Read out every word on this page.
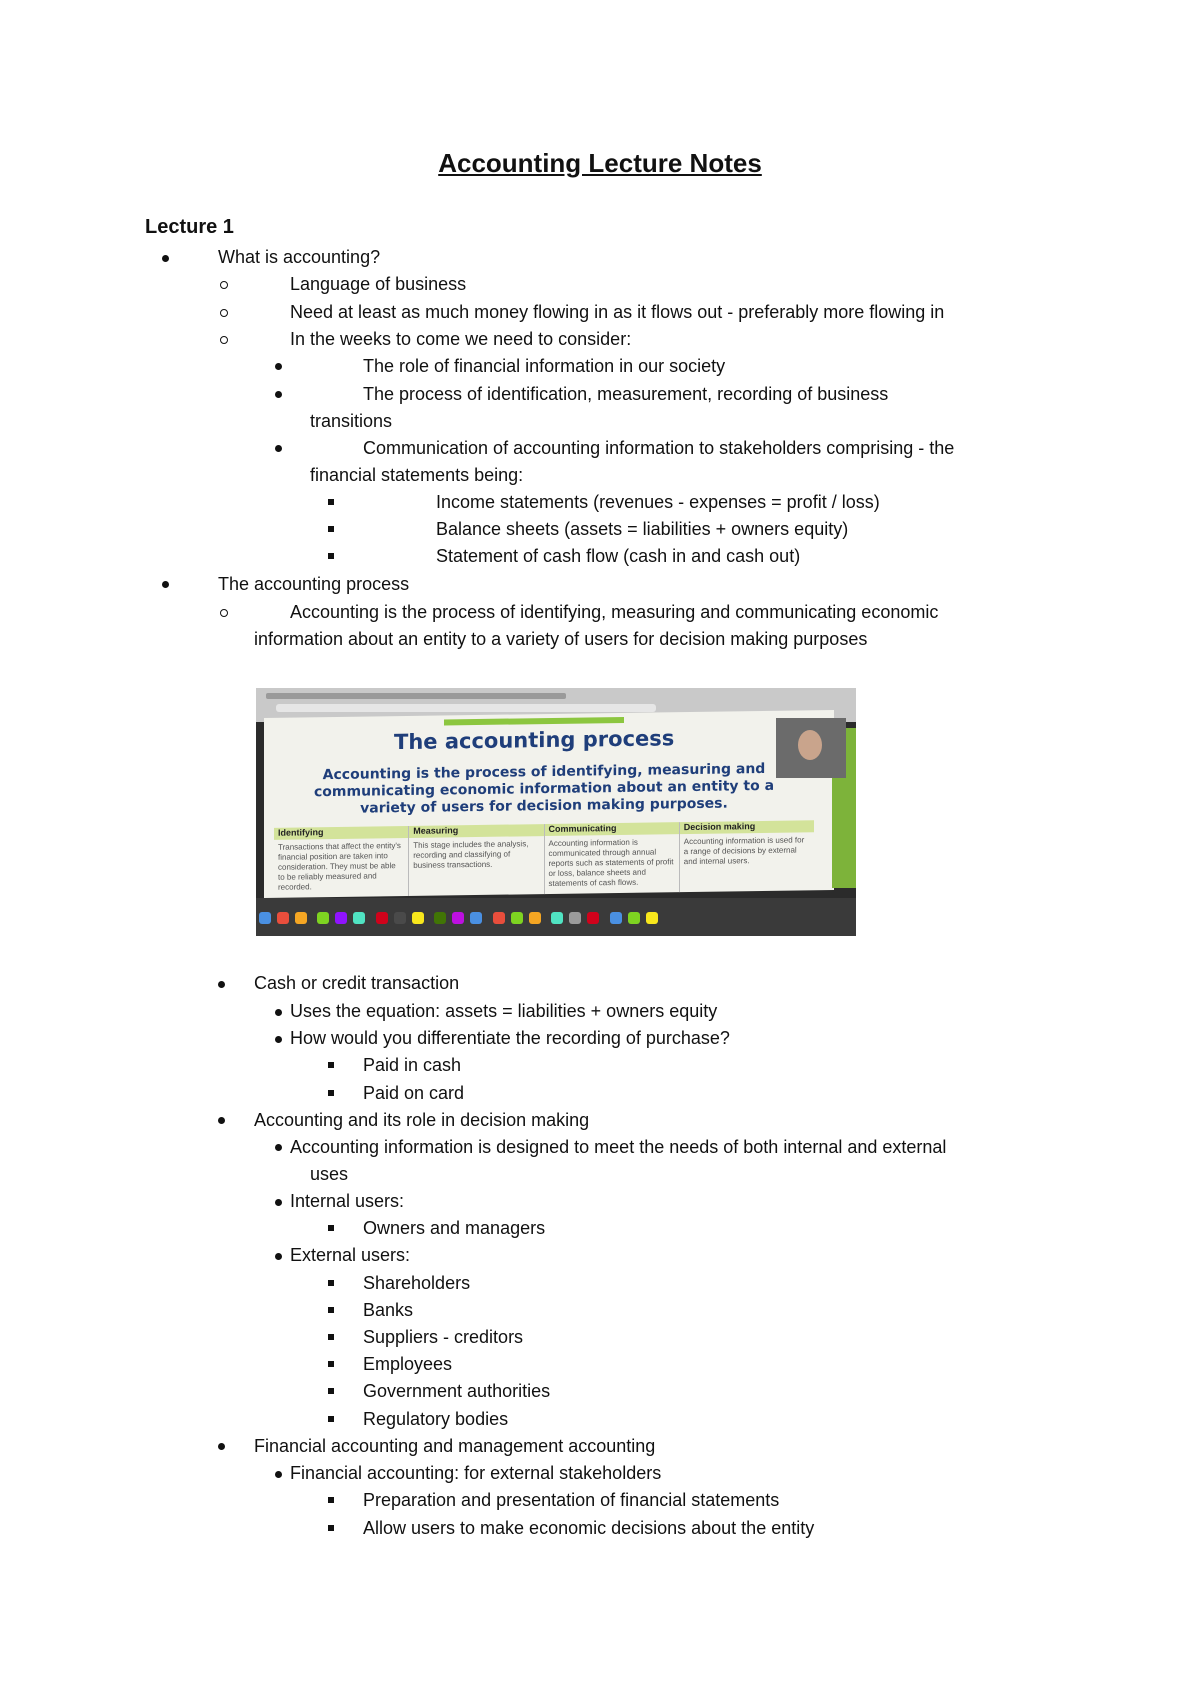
Accounting Lecture Notes
Lecture 1
What is accounting?
Language of business
Need at least as much money flowing in as it flows out - preferably more flowing in
In the weeks to come we need to consider:
The role of financial information in our society
The process of identification, measurement, recording of business
transitions
Communication of accounting information to stakeholders comprising - the
financial statements being:
Income statements (revenues - expenses = profit / loss)
Balance sheets (assets = liabilities + owners equity)
Statement of cash flow (cash in and cash out)
The accounting process
Accounting is the process of identifying, measuring and communicating economic
information about an entity to a variety of users for decision making purposes
The accounting process
Accounting is the process of identifying, measuring and communicating economic information about an entity to a variety of users for decision making purposes.
Identifying
Transactions that affect the entity's financial position are taken into consideration. They must be able to be reliably measured and recorded.
Measuring
This stage includes the analysis, recording and classifying of business transactions.
Communicating
Accounting information is communicated through annual reports such as statements of profit or loss, balance sheets and statements of cash flows.
Decision making
Accounting information is used for a range of decisions by external and internal users.

Cash or credit transaction
Uses the equation: assets = liabilities + owners equity
How would you differentiate the recording of purchase?
Paid in cash
Paid on card
Accounting and its role in decision making
Accounting information is designed to meet the needs of both internal and external
uses
Internal users:
Owners and managers
External users:
Shareholders
Banks
Suppliers - creditors
Employees
Government authorities
Regulatory bodies
Financial accounting and management accounting
Financial accounting: for external stakeholders
Preparation and presentation of financial statements
Allow users to make economic decisions about the entity
